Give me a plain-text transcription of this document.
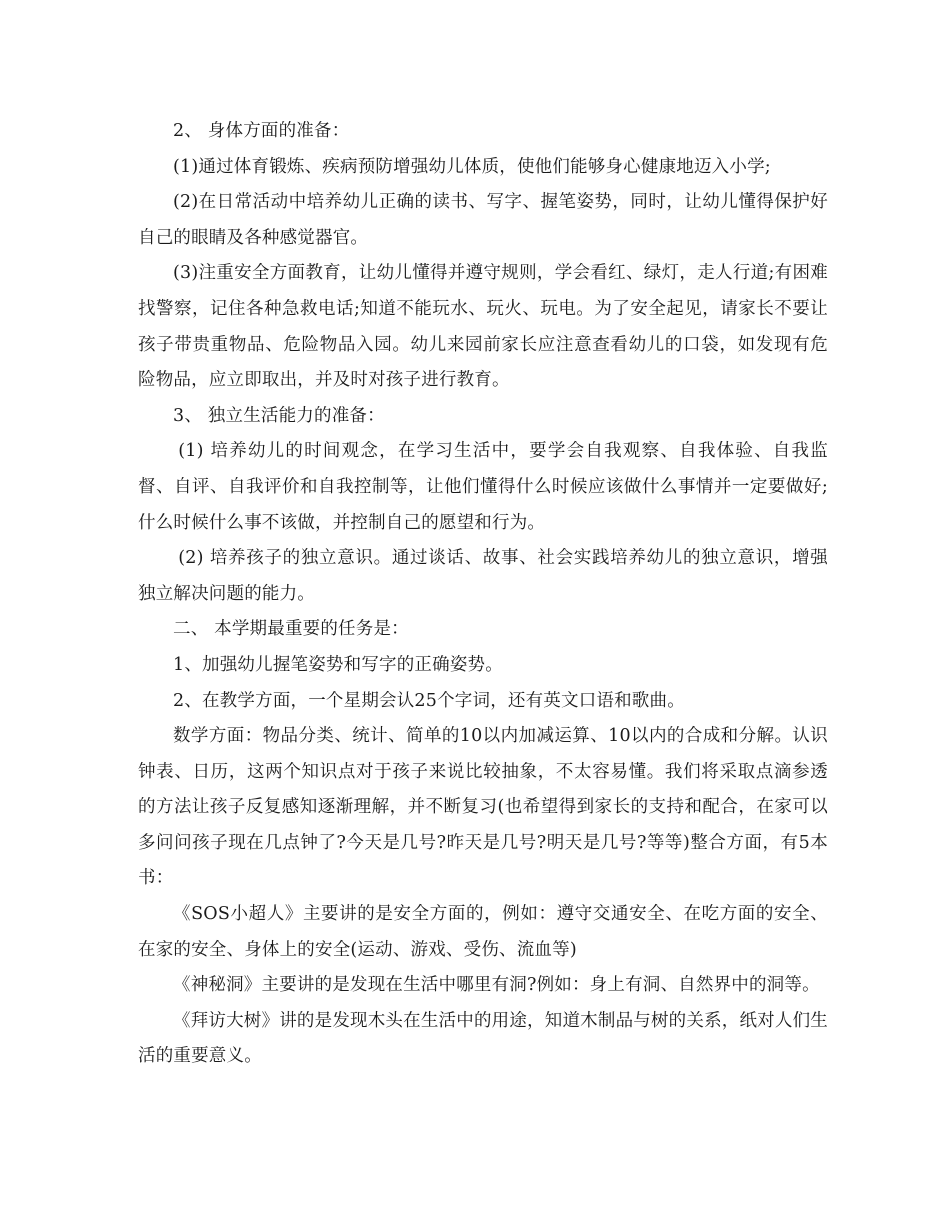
2、 身体方面的准备：

(1)通过体育锻炼、疾病预防增强幼儿体质，使他们能够身心健康地迈入小学;

(2)在日常活动中培养幼儿正确的读书、写字、握笔姿势，同时，让幼儿懂得保护好自己的眼睛及各种感觉器官。

(3)注重安全方面教育，让幼儿懂得并遵守规则，学会看红、绿灯，走人行道;有困难找警察，记住各种急救电话;知道不能玩水、玩火、玩电。为了安全起见，请家长不要让孩子带贵重物品、危险物品入园。幼儿来园前家长应注意查看幼儿的口袋，如发现有危险物品，应立即取出，并及时对孩子进行教育。

3、 独立生活能力的准备：

(1) 培养幼儿的时间观念，在学习生活中，要学会自我观察、自我体验、自我监督、自评、自我评价和自我控制等，让他们懂得什么时候应该做什么事情并一定要做好;什么时候什么事不该做，并控制自己的愿望和行为。

(2) 培养孩子的独立意识。通过谈话、故事、社会实践培养幼儿的独立意识，增强独立解决问题的能力。

二、 本学期最重要的任务是：

1、加强幼儿握笔姿势和写字的正确姿势。

2、在教学方面，一个星期会认25个字词，还有英文口语和歌曲。

数学方面：物品分类、统计、简单的10以内加减运算、10以内的合成和分解。认识钟表、日历，这两个知识点对于孩子来说比较抽象，不太容易懂。我们将采取点滴参透的方法让孩子反复感知逐渐理解，并不断复习(也希望得到家长的支持和配合，在家可以多问问孩子现在几点钟了?今天是几号?昨天是几号?明天是几号?等等)整合方面，有5本书：

《SOS小超人》主要讲的是安全方面的，例如：遵守交通安全、在吃方面的安全、在家的安全、身体上的安全(运动、游戏、受伤、流血等)

《神秘洞》主要讲的是发现在生活中哪里有洞?例如：身上有洞、自然界中的洞等。

《拜访大树》讲的是发现木头在生活中的用途，知道木制品与树的关系，纸对人们生活的重要意义。
